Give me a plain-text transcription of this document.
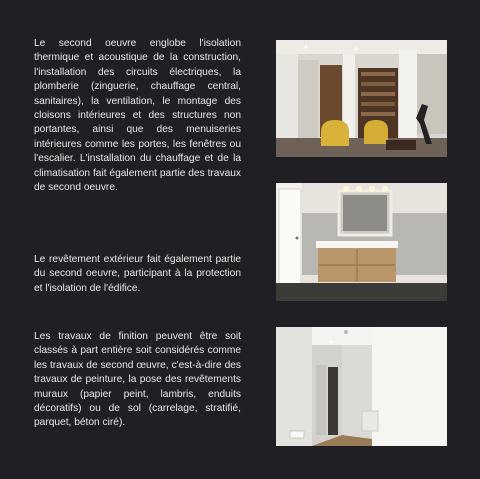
Le second oeuvre englobe l'isolation thermique et acoustique de la construction, l'installation des circuits électriques, la plomberie (zinguerie, chauffage central, sanitaires), la ventilation, le montage des cloisons intérieures et des structures non portantes, ainsi que des menuiseries intérieures comme les portes, les fenêtres ou l'escalier. L'installation du chauffage et de la climatisation fait également partie des travaux de second oeuvre.

Le revêtement extérieur fait également partie du second oeuvre, participant à la protection et l'isolation de l'édifice.

Les travaux de finition peuvent être soit classés à part entière soit considérés comme les travaux de second œuvre, c'est-à-dire des travaux de peinture, la pose des revêtements muraux (papier peint, lambris, enduits décoratifs) ou de sol (carrelage, stratifié, parquet, béton ciré).
